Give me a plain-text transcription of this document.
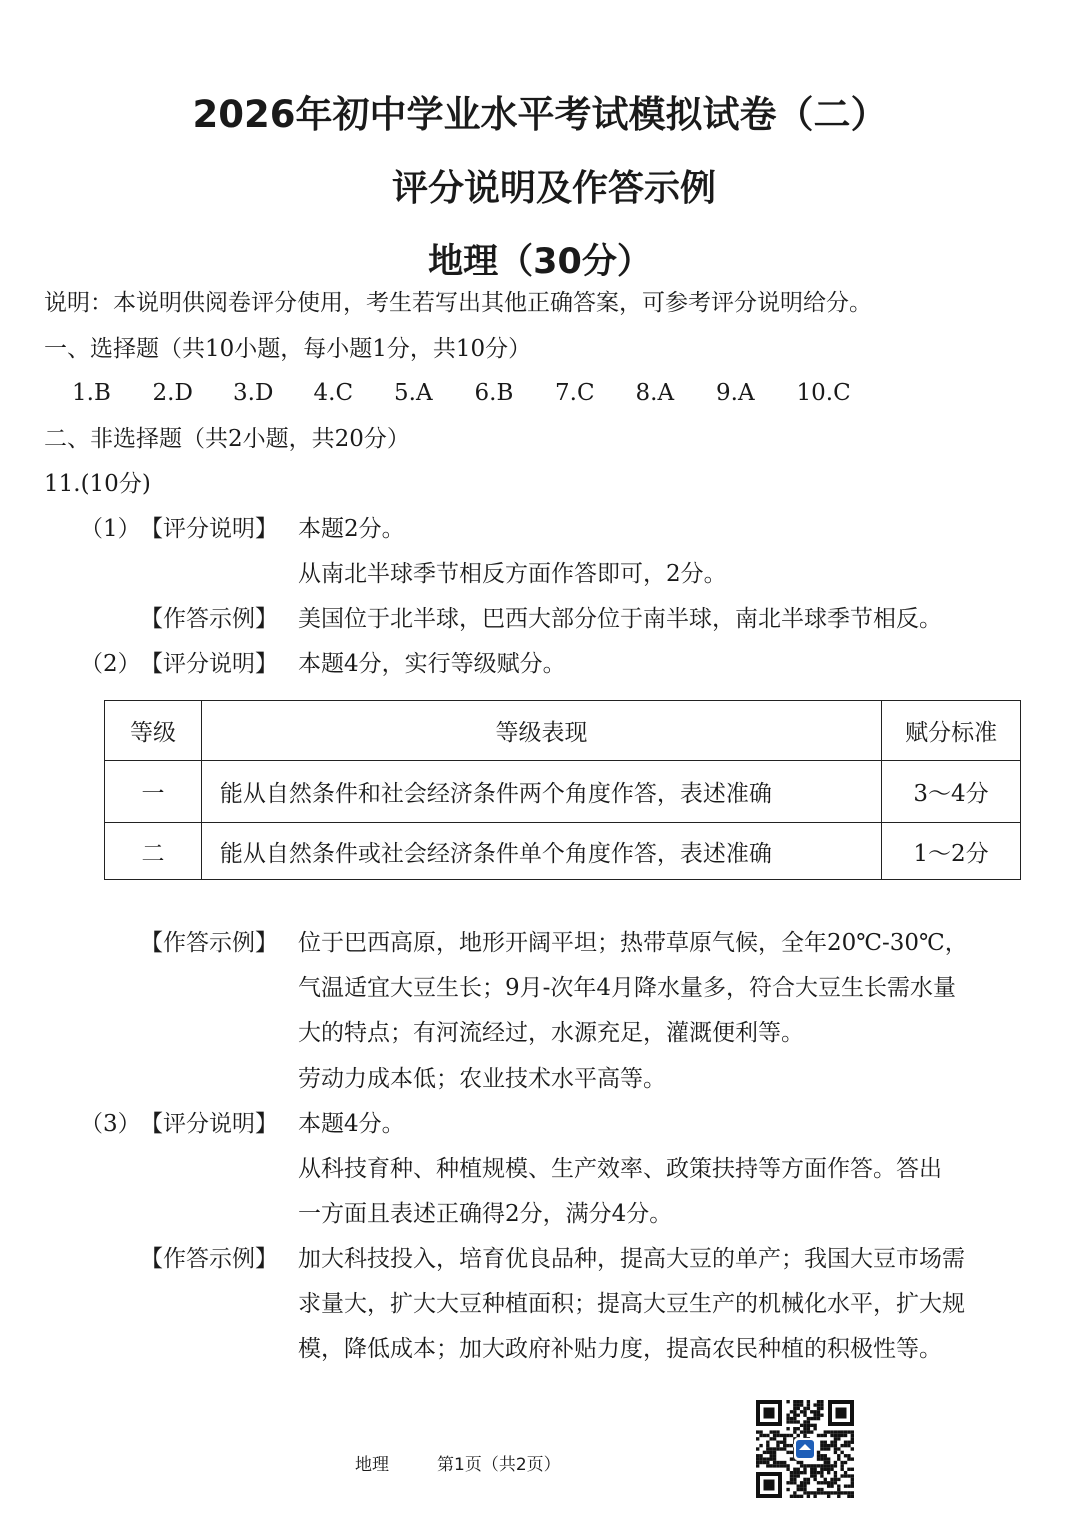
2026年初中学业水平考试模拟试卷（二）
评分说明及作答示例
地理（30分）
说明：本说明供阅卷评分使用，考生若写出其他正确答案，可参考评分说明给分。
一、选择题（共10小题，每小题1分，共10分）
1.B	2.D	3.D	4.C	5.A	6.B	7.C	8.A	9.A	10.C
二、非选择题（共2小题，共20分）
11.(10分)
（1） 【评分说明】 本题2分。
从南北半球季节相反方面作答即可，2分。
【作答示例】 美国位于北半球，巴西大部分位于南半球，南北半球季节相反。
（2） 【评分说明】 本题4分，实行等级赋分。
等级	等级表现	赋分标准
一	能从自然条件和社会经济条件两个角度作答，表述准确	3～4分
二	能从自然条件或社会经济条件单个角度作答，表述准确	1～2分
【作答示例】 位于巴西高原，地形开阔平坦；热带草原气候，全年20℃-30℃，
气温适宜大豆生长；9月-次年4月降水量多，符合大豆生长需水量
大的特点；有河流经过，水源充足，灌溉便利等。
劳动力成本低；农业技术水平高等。
（3） 【评分说明】 本题4分。
从科技育种、种植规模、生产效率、政策扶持等方面作答。答出
一方面且表述正确得2分，满分4分。
【作答示例】 加大科技投入，培育优良品种，提高大豆的单产；我国大豆市场需
求量大，扩大大豆种植面积；提高大豆生产的机械化水平，扩大规
模，降低成本；加大政府补贴力度，提高农民种植的积极性等。
地理	第1页（共2页）
